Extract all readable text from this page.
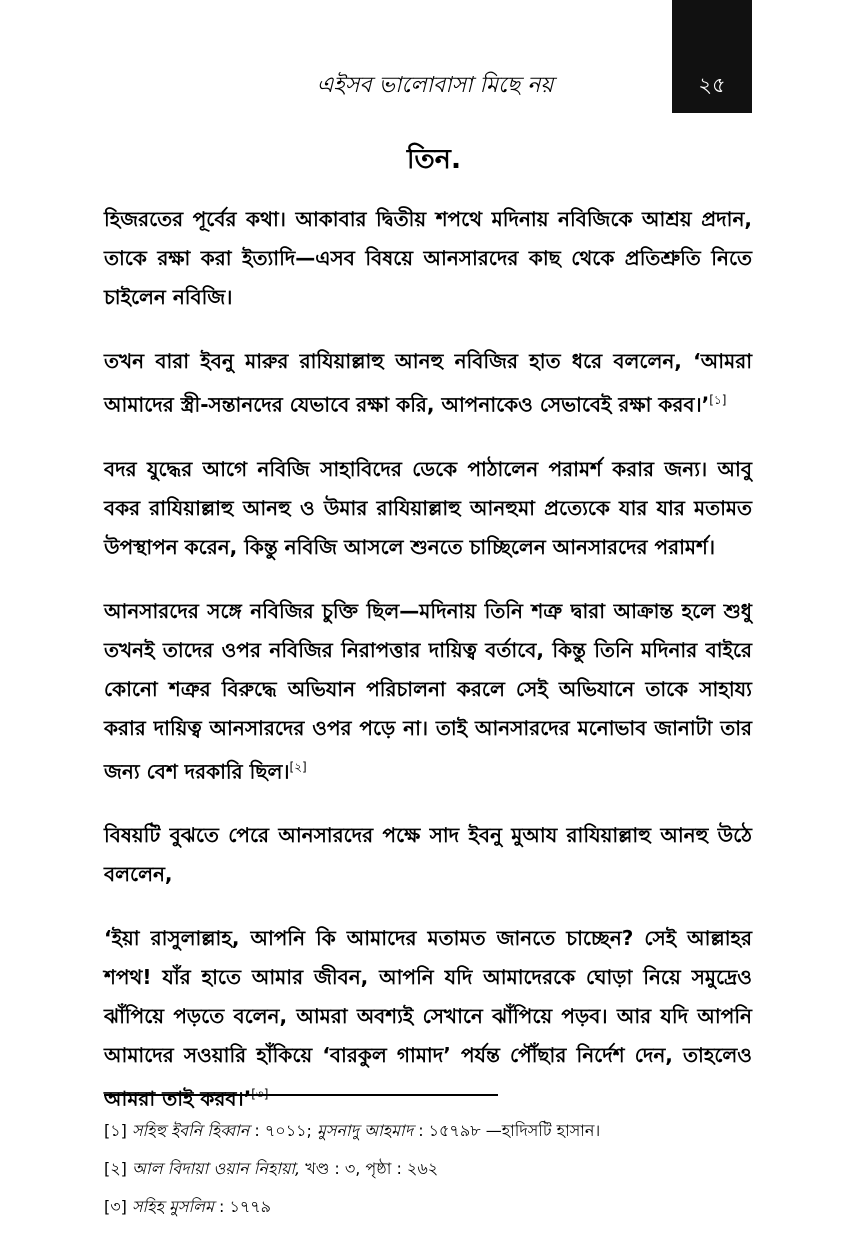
২৫
এইসব ভালোবাসা মিছে নয়
তিন.

হিজরতের পূর্বের কথা। আকাবার দ্বিতীয় শপথে মদিনায় নবিজিকে আশ্রয় প্রদান, তাকে রক্ষা করা ইত্যাদি—এসব বিষয়ে আনসারদের কাছ থেকে প্রতিশ্রুতি নিতে চাইলেন নবিজি।

তখন বারা ইবনু মারুর রাযিয়াল্লাহু আনহু নবিজির হাত ধরে বললেন, ‘আমরা আমাদের স্ত্রী-সন্তানদের যেভাবে রক্ষা করি, আপনাকেও সেভাবেই রক্ষা করব।’[১]

বদর যুদ্ধের আগে নবিজি সাহাবিদের ডেকে পাঠালেন পরামর্শ করার জন্য। আবু বকর রাযিয়াল্লাহু আনহু ও উমার রাযিয়াল্লাহু আনহুমা প্রত্যেকে যার যার মতামত উপস্থাপন করেন, কিন্তু নবিজি আসলে শুনতে চাচ্ছিলেন আনসারদের পরামর্শ।

আনসারদের সঙ্গে নবিজির চুক্তি ছিল—মদিনায় তিনি শত্রু দ্বারা আক্রান্ত হলে শুধু তখনই তাদের ওপর নবিজির নিরাপত্তার দায়িত্ব বর্তাবে, কিন্তু তিনি মদিনার বাইরে কোনো শত্রুর বিরুদ্ধে অভিযান পরিচালনা করলে সেই অভিযানে তাকে সাহায্য করার দায়িত্ব আনসারদের ওপর পড়ে না। তাই আনসারদের মনোভাব জানাটা তার জন্য বেশ দরকারি ছিল।[২]

বিষয়টি বুঝতে পেরে আনসারদের পক্ষে সাদ ইবনু মুআয রাযিয়াল্লাহু আনহু উঠে বললেন,

‘ইয়া রাসুলাল্লাহ, আপনি কি আমাদের মতামত জানতে চাচ্ছেন? সেই আল্লাহর শপথ! যাঁর হাতে আমার জীবন, আপনি যদি আমাদেরকে ঘোড়া নিয়ে সমুদ্রেও ঝাঁপিয়ে পড়তে বলেন, আমরা অবশ্যই সেখানে ঝাঁপিয়ে পড়ব। আর যদি আপনি আমাদের সওয়ারি হাঁকিয়ে ‘বারকুল গামাদ’ পর্যন্ত পৌঁছার নির্দেশ দেন, তাহলেও আমরা তাই করব।’[৩]

[১] সহিহু ইবনি হিব্বান : ৭০১১; মুসনাদু আহমাদ : ১৫৭৯৮ —হাদিসটি হাসান।

[২] আল বিদায়া ওয়ান নিহায়া, খণ্ড : ৩, পৃষ্ঠা : ২৬২

[৩] সহিহ মুসলিম : ১৭৭৯
